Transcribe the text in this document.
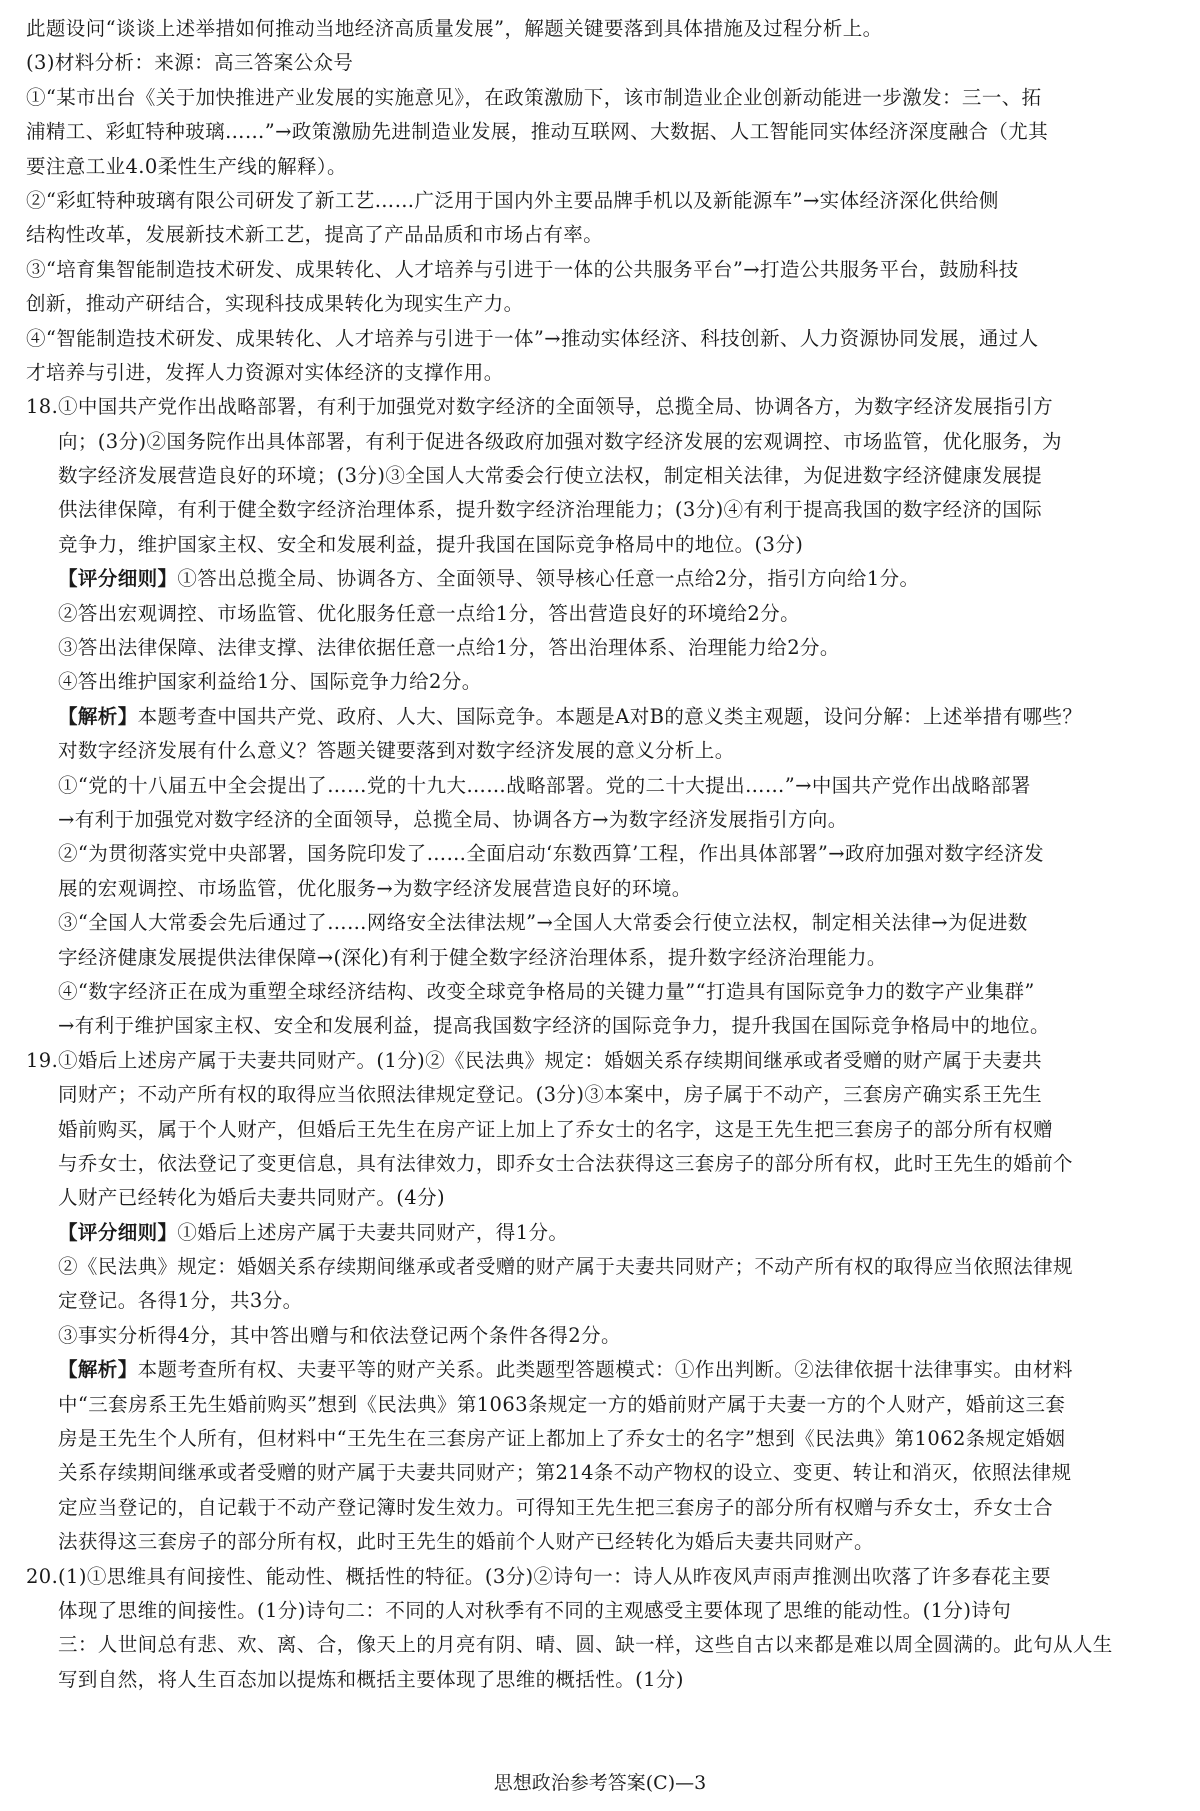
此题设问“谈谈上述举措如何推动当地经济高质量发展”，解题关键要落到具体措施及过程分析上。
(3)材料分析：来源：高三答案公众号
①“某市出台《关于加快推进产业发展的实施意见》，在政策激励下，该市制造业企业创新动能进一步激发：三一、拓
浦精工、彩虹特种玻璃……”→政策激励先进制造业发展，推动互联网、大数据、人工智能同实体经济深度融合（尤其
要注意工业4.0柔性生产线的解释）。
②“彩虹特种玻璃有限公司研发了新工艺……广泛用于国内外主要品牌手机以及新能源车”→实体经济深化供给侧
结构性改革，发展新技术新工艺，提高了产品品质和市场占有率。
③“培育集智能制造技术研发、成果转化、人才培养与引进于一体的公共服务平台”→打造公共服务平台，鼓励科技
创新，推动产研结合，实现科技成果转化为现实生产力。
④“智能制造技术研发、成果转化、人才培养与引进于一体”→推动实体经济、科技创新、人力资源协同发展，通过人
才培养与引进，发挥人力资源对实体经济的支撑作用。
18.①中国共产党作出战略部署，有利于加强党对数字经济的全面领导，总揽全局、协调各方，为数字经济发展指引方
向；(3分)②国务院作出具体部署，有利于促进各级政府加强对数字经济发展的宏观调控、市场监管，优化服务，为
数字经济发展营造良好的环境；(3分)③全国人大常委会行使立法权，制定相关法律，为促进数字经济健康发展提
供法律保障，有利于健全数字经济治理体系，提升数字经济治理能力；(3分)④有利于提高我国的数字经济的国际
竞争力，维护国家主权、安全和发展利益，提升我国在国际竞争格局中的地位。(3分)
【评分细则】①答出总揽全局、协调各方、全面领导、领导核心任意一点给2分，指引方向给1分。
②答出宏观调控、市场监管、优化服务任意一点给1分，答出营造良好的环境给2分。
③答出法律保障、法律支撑、法律依据任意一点给1分，答出治理体系、治理能力给2分。
④答出维护国家利益给1分、国际竞争力给2分。
【解析】本题考查中国共产党、政府、人大、国际竞争。本题是A对B的意义类主观题，设问分解：上述举措有哪些？
对数字经济发展有什么意义？答题关键要落到对数字经济发展的意义分析上。
①“党的十八届五中全会提出了……党的十九大……战略部署。党的二十大提出……”→中国共产党作出战略部署
→有利于加强党对数字经济的全面领导，总揽全局、协调各方→为数字经济发展指引方向。
②“为贯彻落实党中央部署，国务院印发了……全面启动‘东数西算’工程，作出具体部署”→政府加强对数字经济发
展的宏观调控、市场监管，优化服务→为数字经济发展营造良好的环境。
③“全国人大常委会先后通过了……网络安全法律法规”→全国人大常委会行使立法权，制定相关法律→为促进数
字经济健康发展提供法律保障→(深化)有利于健全数字经济治理体系，提升数字经济治理能力。
④“数字经济正在成为重塑全球经济结构、改变全球竞争格局的关键力量”“打造具有国际竞争力的数字产业集群”
→有利于维护国家主权、安全和发展利益，提高我国数字经济的国际竞争力，提升我国在国际竞争格局中的地位。
19.①婚后上述房产属于夫妻共同财产。(1分)②《民法典》规定：婚姻关系存续期间继承或者受赠的财产属于夫妻共
同财产；不动产所有权的取得应当依照法律规定登记。(3分)③本案中，房子属于不动产，三套房产确实系王先生
婚前购买，属于个人财产，但婚后王先生在房产证上加上了乔女士的名字，这是王先生把三套房子的部分所有权赠
与乔女士，依法登记了变更信息，具有法律效力，即乔女士合法获得这三套房子的部分所有权，此时王先生的婚前个
人财产已经转化为婚后夫妻共同财产。(4分)
【评分细则】①婚后上述房产属于夫妻共同财产，得1分。
②《民法典》规定：婚姻关系存续期间继承或者受赠的财产属于夫妻共同财产；不动产所有权的取得应当依照法律规
定登记。各得1分，共3分。
③事实分析得4分，其中答出赠与和依法登记两个条件各得2分。
【解析】本题考查所有权、夫妻平等的财产关系。此类题型答题模式：①作出判断。②法律依据十法律事实。由材料
中“三套房系王先生婚前购买”想到《民法典》第1063条规定一方的婚前财产属于夫妻一方的个人财产，婚前这三套
房是王先生个人所有，但材料中“王先生在三套房产证上都加上了乔女士的名字”想到《民法典》第1062条规定婚姻
关系存续期间继承或者受赠的财产属于夫妻共同财产；第214条不动产物权的设立、变更、转让和消灭，依照法律规
定应当登记的，自记载于不动产登记簿时发生效力。可得知王先生把三套房子的部分所有权赠与乔女士，乔女士合
法获得这三套房子的部分所有权，此时王先生的婚前个人财产已经转化为婚后夫妻共同财产。
20.(1)①思维具有间接性、能动性、概括性的特征。(3分)②诗句一：诗人从昨夜风声雨声推测出吹落了许多春花主要
体现了思维的间接性。(1分)诗句二：不同的人对秋季有不同的主观感受主要体现了思维的能动性。(1分)诗句
三：人世间总有悲、欢、离、合，像天上的月亮有阴、晴、圆、缺一样，这些自古以来都是难以周全圆满的。此句从人生
写到自然，将人生百态加以提炼和概括主要体现了思维的概括性。(1分)
思想政治参考答案(C)—3
